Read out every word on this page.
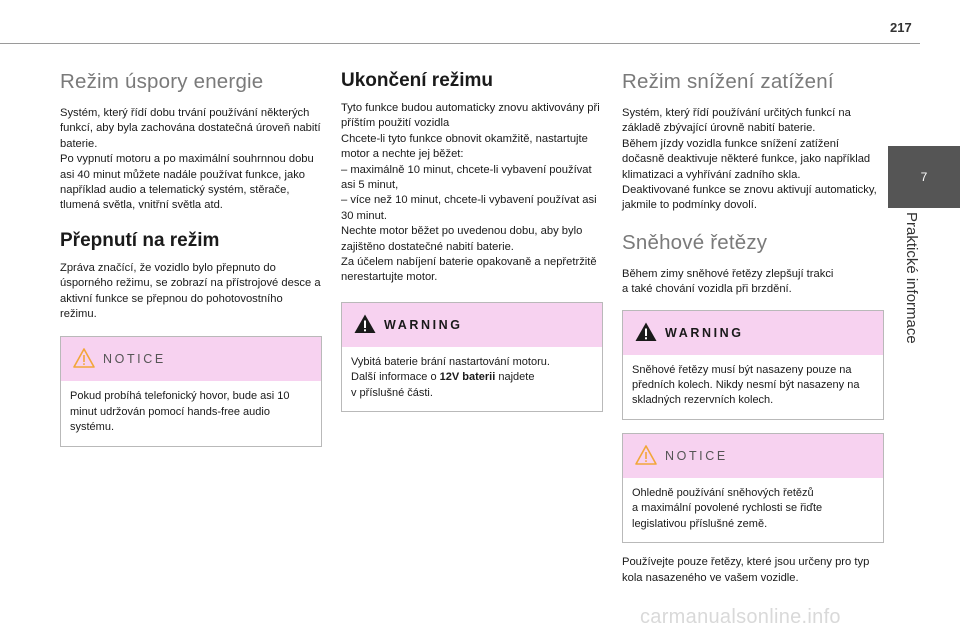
217
Režim úspory energie

Systém, který řídí dobu trvání používání některých funkcí, aby byla zachována dostatečná úroveň nabití baterie.
Po vypnutí motoru a po maximální souhrnnou dobu asi 40 minut můžete nadále používat funkce, jako například audio a telematický systém, stěrače, tlumená světla, vnitřní světla atd.

Přepnutí na režim

Zpráva značící, že vozidlo bylo přepnuto do úsporného režimu, se zobrazí na přístrojové desce a aktivní funkce se přepnou do pohotovostního režimu.

NOTICE
Pokud probíhá telefonický hovor, bude asi 10 minut udržován pomocí hands-free audio systému.
Ukončení režimu

Tyto funkce budou automaticky znovu aktivovány při příštím použití vozidla
Chcete-li tyto funkce obnovit okamžitě, nastartujte motor a nechte jej běžet:
– maximálně 10 minut, chcete-li vybavení používat asi 5 minut,
– více než 10 minut, chcete-li vybavení používat asi 30 minut.
Nechte motor běžet po uvedenou dobu, aby bylo zajištěno dostatečné nabití baterie.
Za účelem nabíjení baterie opakovaně a nepřetržitě nerestartujte motor.

WARNING
Vybitá baterie brání nastartování motoru.
Další informace o 12V baterii najdete
v příslušné části.
Režim snížení zatížení

Systém, který řídí používání určitých funkcí na základě zbývající úrovně nabití baterie.
Během jízdy vozidla funkce snížení zatížení dočasně deaktivuje některé funkce, jako například klimatizaci a vyhřívání zadního skla.
Deaktivované funkce se znovu aktivují automaticky, jakmile to podmínky dovolí.

Sněhové řetězy

Během zimy sněhové řetězy zlepšují trakci
a také chování vozidla při brzdění.

WARNING
Sněhové řetězy musí být nasazeny pouze na předních kolech. Nikdy nesmí být nasazeny na skladných rezervních kolech.
NOTICE
Ohledně používání sněhových řetězů
a maximální povolené rychlosti se řiďte legislativou příslušné země.

Používejte pouze řetězy, které jsou určeny pro typ kola nasazeného ve vašem vozidle.

7
Praktické informace
carmanualsonline.info
